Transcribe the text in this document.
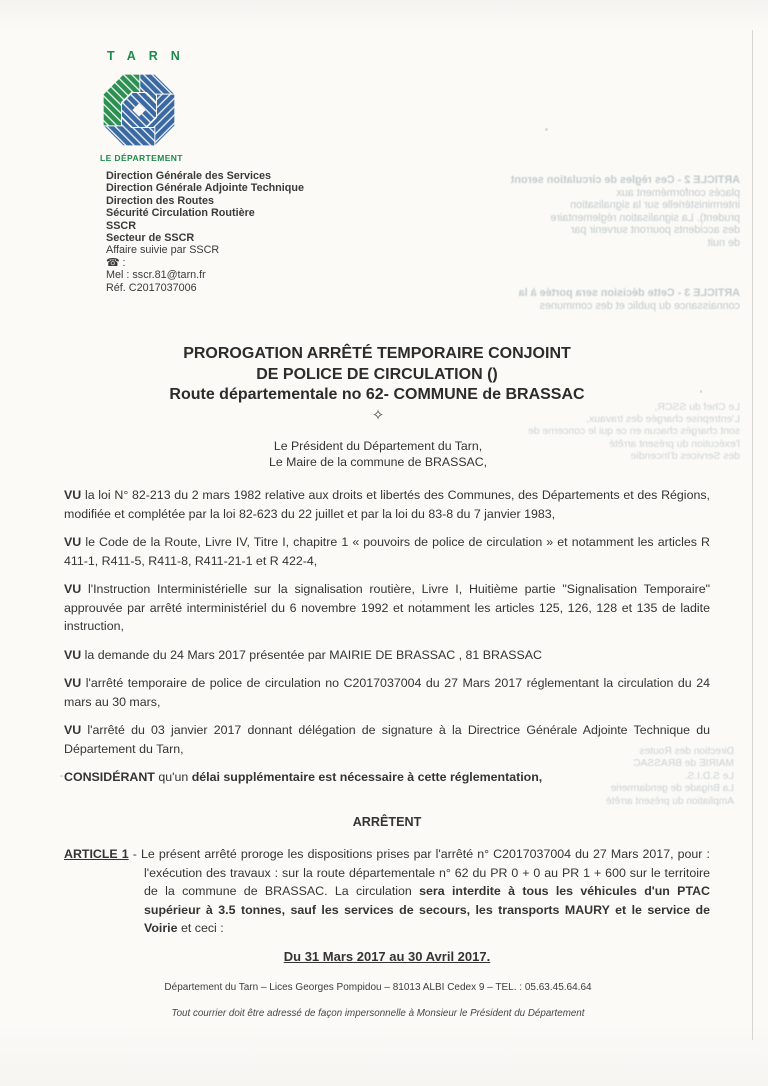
ARTICLE 2 - Ces règles de circulation seront
placés conformément aux
interministérielle sur la signalisation
prudent). La signalisation réglementaire
des accidents pourront survenir par
de nuit
ARTICLE 3 - Cette décision sera portée à la
connaissance du public et des communes
Le Chef du SSCR,
L'entreprise chargée des travaux,
sont chargés chacun en ce qui le concerne de
l'exécution du présent arrêté
des Services d'Incendie
Direction des Routes
MAIRIE de BRASSAC
Le S.D.I.S.
La Brigade de gendarmerie
Ampliation du présent arrêté
TARN
LE DÉPARTEMENT
Direction Générale des Services
Direction Générale Adjointe Technique
Direction des Routes
Sécurité Circulation Routière
SSCR
Secteur de SSCR
Affaire suivie par SSCR
☎ :
Mel : sscr.81@tarn.fr
Réf. C2017037006
PROROGATION ARRÊTÉ TEMPORAIRE CONJOINT
DE POLICE DE CIRCULATION ()
Route départementale no 62- COMMUNE de BRASSAC
✧
Le Président du Département du Tarn,
Le Maire de la commune de BRASSAC,

VU la loi N° 82-213 du 2 mars 1982 relative aux droits et libertés des Communes, des Départements et des Régions, modifiée et complétée par la loi 82-623 du 22 juillet et par la loi du 83-8 du 7 janvier 1983,

VU le Code de la Route, Livre IV, Titre I, chapitre 1 « pouvoirs de police de circulation » et notamment les articles R 411-1, R411-5, R411-8, R411-21-1 et R 422-4,

VU l'Instruction Interministérielle sur la signalisation routière, Livre I, Huitième partie "Signalisation Temporaire" approuvée par arrêté interministériel du 6 novembre 1992 et notamment les articles 125, 126, 128 et 135 de ladite instruction,

VU la demande du 24 Mars 2017 présentée par MAIRIE DE BRASSAC , 81 BRASSAC

VU l'arrêté temporaire de police de circulation no C2017037004 du 27 Mars 2017 réglementant la circulation du 24 mars au 30 mars,

VU l'arrêté du 03 janvier 2017 donnant délégation de signature à la Directrice Générale Adjointe Technique du Département du Tarn,

CONSIDÉRANT qu'un délai supplémentaire est nécessaire à cette réglementation,

ARRÊTENT

ARTICLE 1 - Le présent arrêté proroge les dispositions prises par l'arrêté n° C2017037004 du 27 Mars 2017, pour : l'exécution des travaux : sur la route départementale n° 62 du PR 0 + 0 au PR 1 + 600 sur le territoire de la commune de BRASSAC. La circulation sera interdite à tous les véhicules d'un PTAC supérieur à 3.5 tonnes, sauf les services de secours, les transports MAURY et le service de Voirie et ceci :

Du 31 Mars 2017 au 30 Avril 2017.
Département du Tarn – Lices Georges Pompidou – 81013 ALBI Cedex 9 – TEL. : 05.63.45.64.64
Tout courrier doit être adressé de façon impersonnelle à Monsieur le Président du Département
